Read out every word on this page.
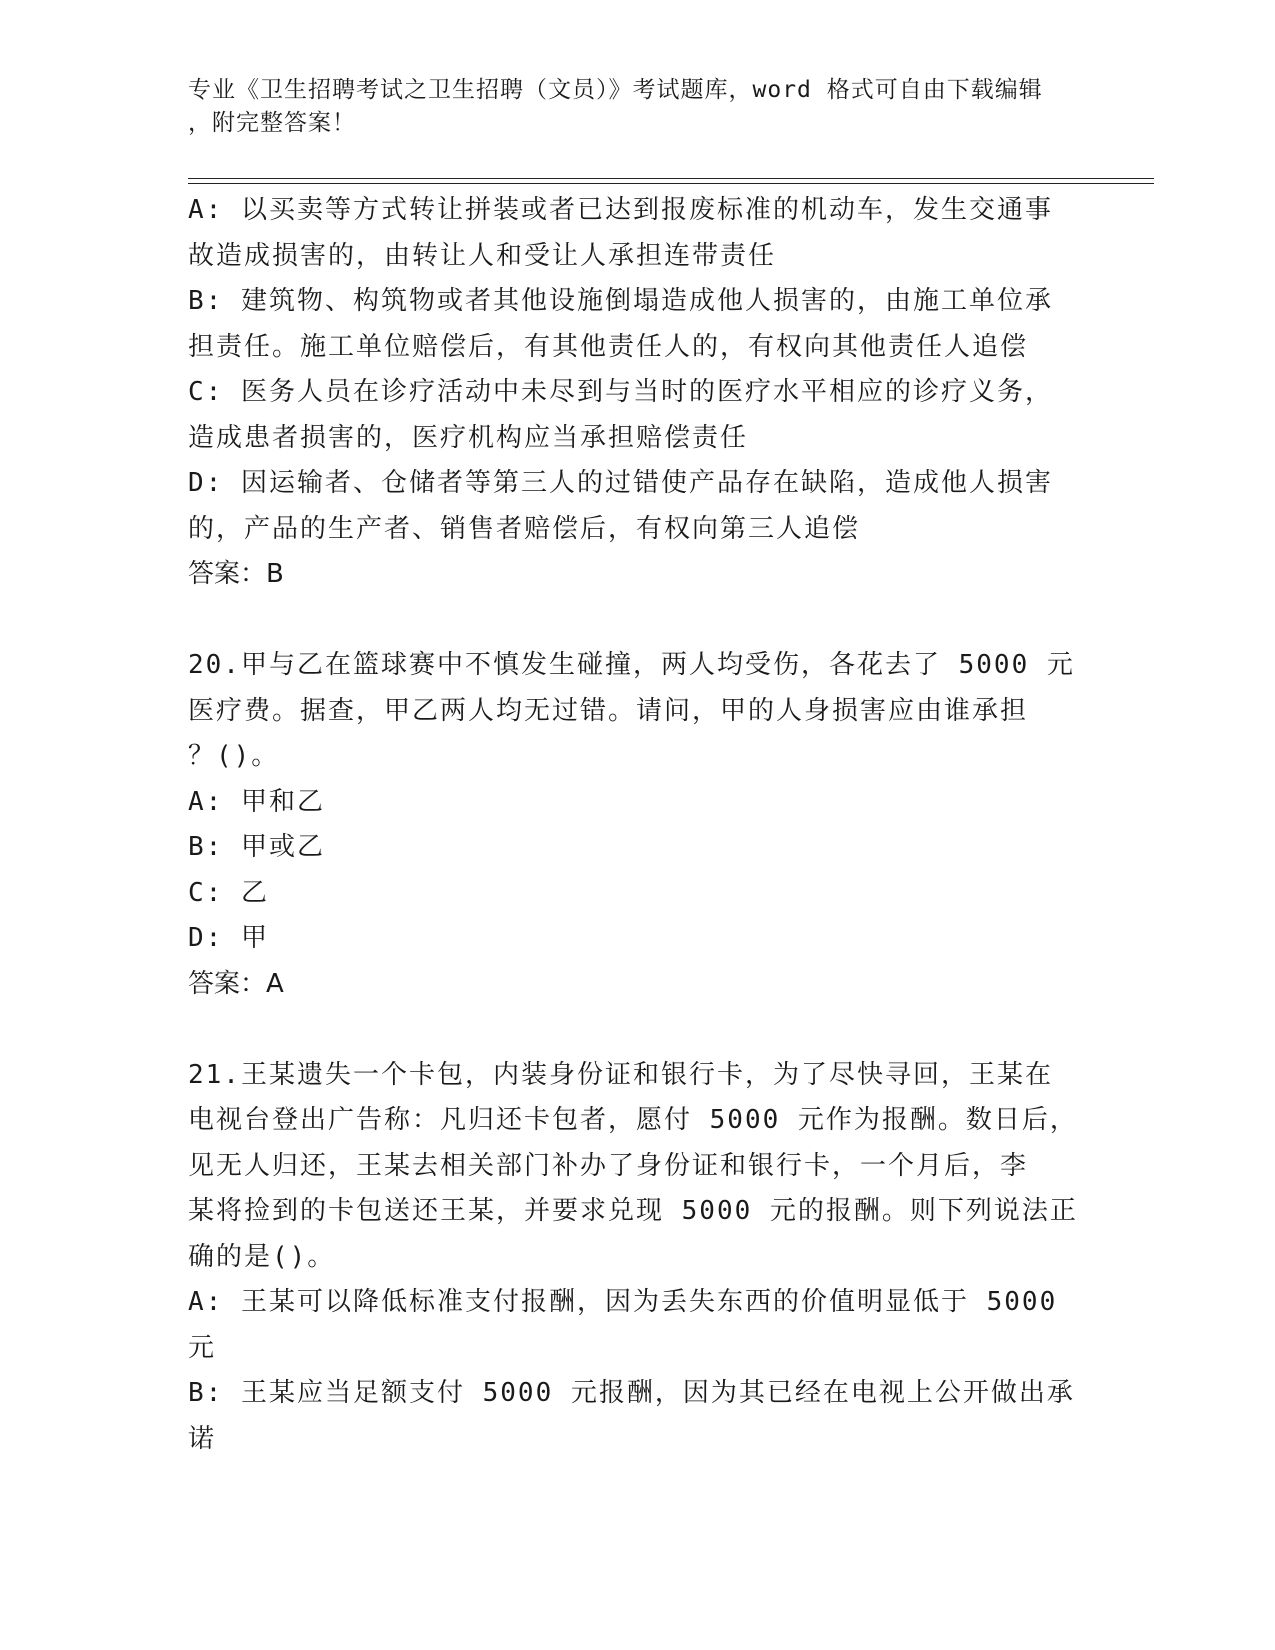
专业《卫生招聘考试之卫生招聘（文员）》考试题库，word 格式可自由下载编辑
，附完整答案！
A: 以买卖等方式转让拼装或者已达到报废标准的机动车，发生交通事
故造成损害的，由转让人和受让人承担连带责任
B: 建筑物、构筑物或者其他设施倒塌造成他人损害的，由施工单位承
担责任。施工单位赔偿后，有其他责任人的，有权向其他责任人追偿
C: 医务人员在诊疗活动中未尽到与当时的医疗水平相应的诊疗义务，
造成患者损害的，医疗机构应当承担赔偿责任
D: 因运输者、仓储者等第三人的过错使产品存在缺陷，造成他人损害
的，产品的生产者、销售者赔偿后，有权向第三人追偿
答案：B
20.甲与乙在篮球赛中不慎发生碰撞，两人均受伤，各花去了 5000 元
医疗费。据查，甲乙两人均无过错。请问，甲的人身损害应由谁承担
？()。
A: 甲和乙
B: 甲或乙
C: 乙
D: 甲
答案：A
21.王某遗失一个卡包，内装身份证和银行卡，为了尽快寻回，王某在
电视台登出广告称：凡归还卡包者，愿付 5000 元作为报酬。数日后，
见无人归还，王某去相关部门补办了身份证和银行卡，一个月后，李
某将捡到的卡包送还王某，并要求兑现 5000 元的报酬。则下列说法正
确的是()。
A: 王某可以降低标准支付报酬，因为丢失东西的价值明显低于 5000
元
B: 王某应当足额支付 5000 元报酬，因为其已经在电视上公开做出承
诺
